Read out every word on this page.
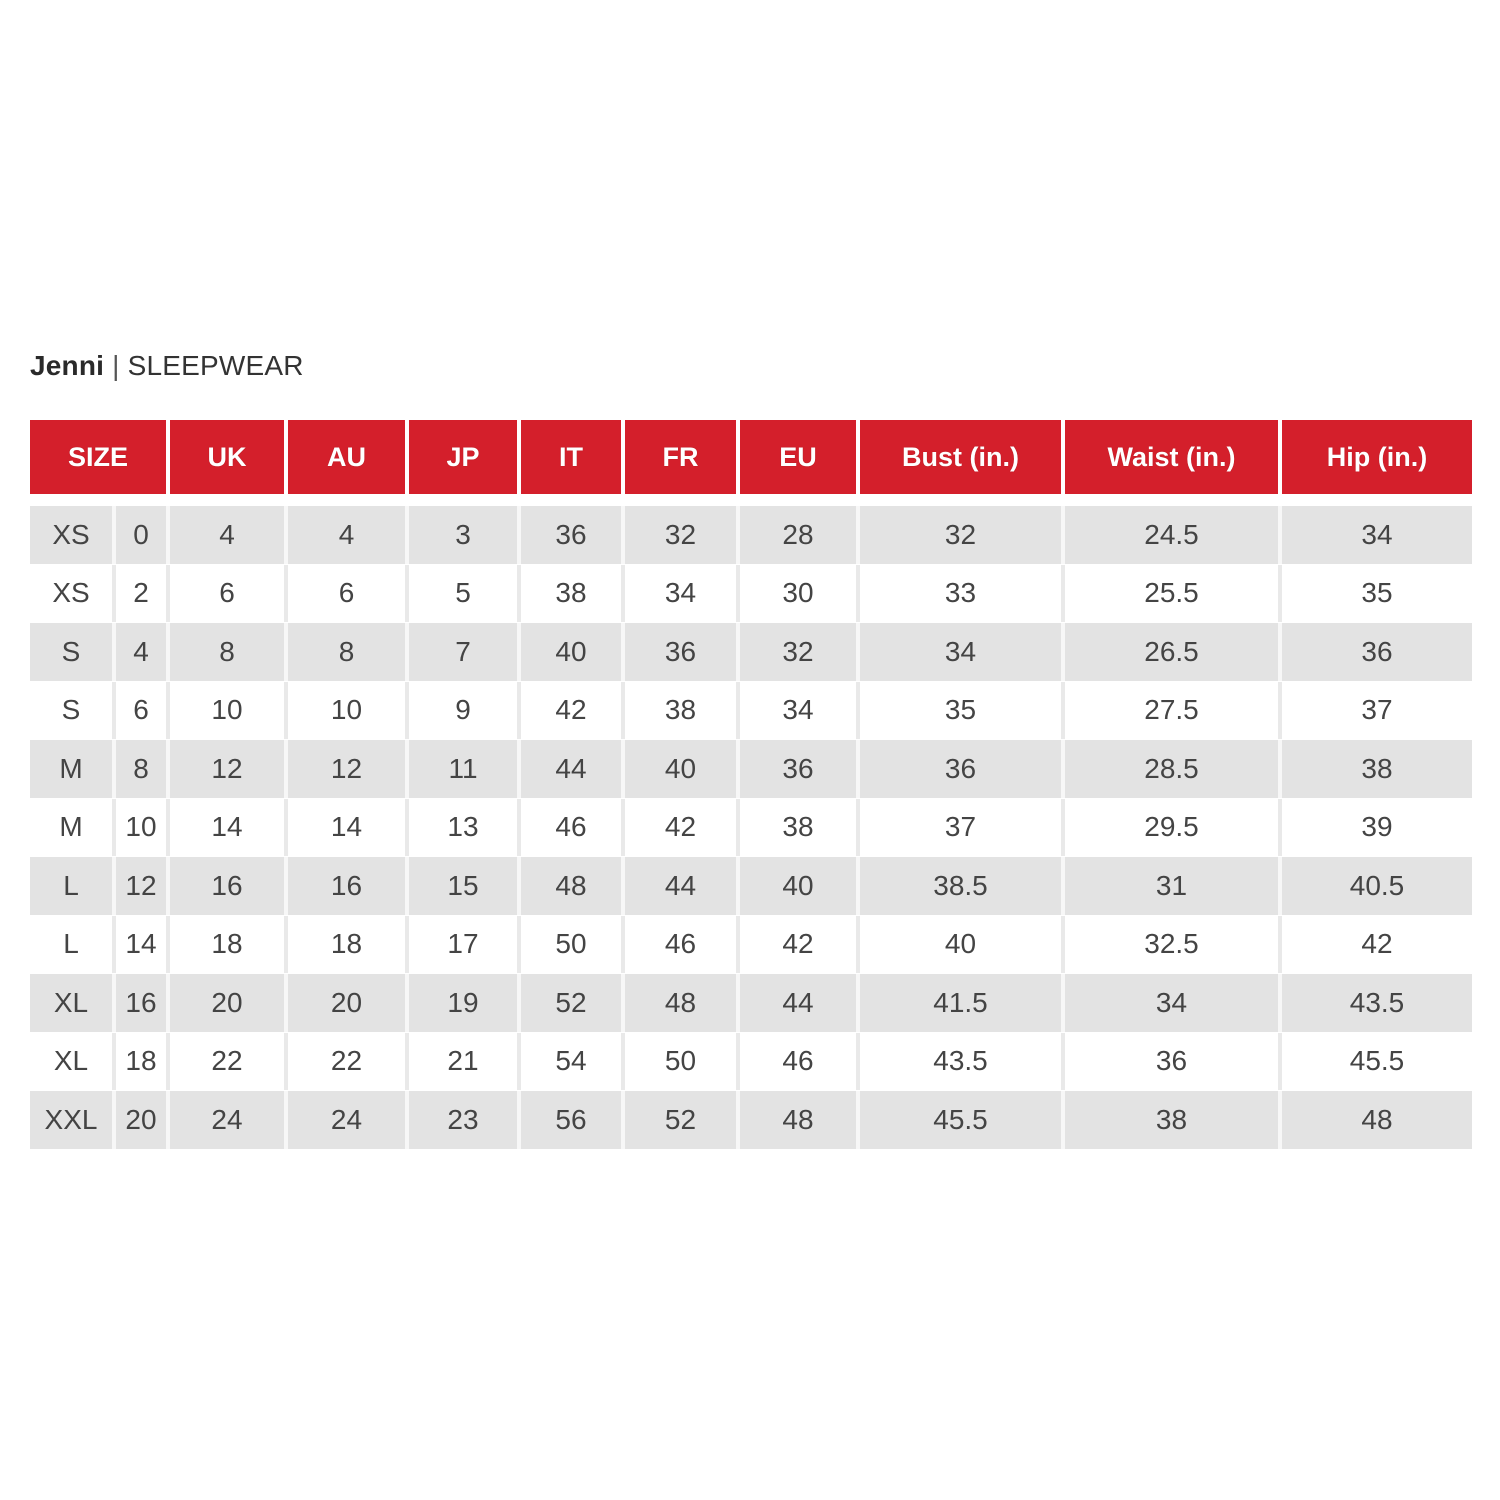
Jenni | SLEEPWEAR
SIZE	UK	AU	JP	IT	FR	EU	Bust (in.)	Waist (in.)	Hip (in.)
XS	0	4	4	3	36	32	28	32	24.5	34
XS	2	6	6	5	38	34	30	33	25.5	35
S	4	8	8	7	40	36	32	34	26.5	36
S	6	10	10	9	42	38	34	35	27.5	37
M	8	12	12	11	44	40	36	36	28.5	38
M	10	14	14	13	46	42	38	37	29.5	39
L	12	16	16	15	48	44	40	38.5	31	40.5
L	14	18	18	17	50	46	42	40	32.5	42
XL	16	20	20	19	52	48	44	41.5	34	43.5
XL	18	22	22	21	54	50	46	43.5	36	45.5
XXL 20	24	24	23	56	52	48	45.5	38	48
